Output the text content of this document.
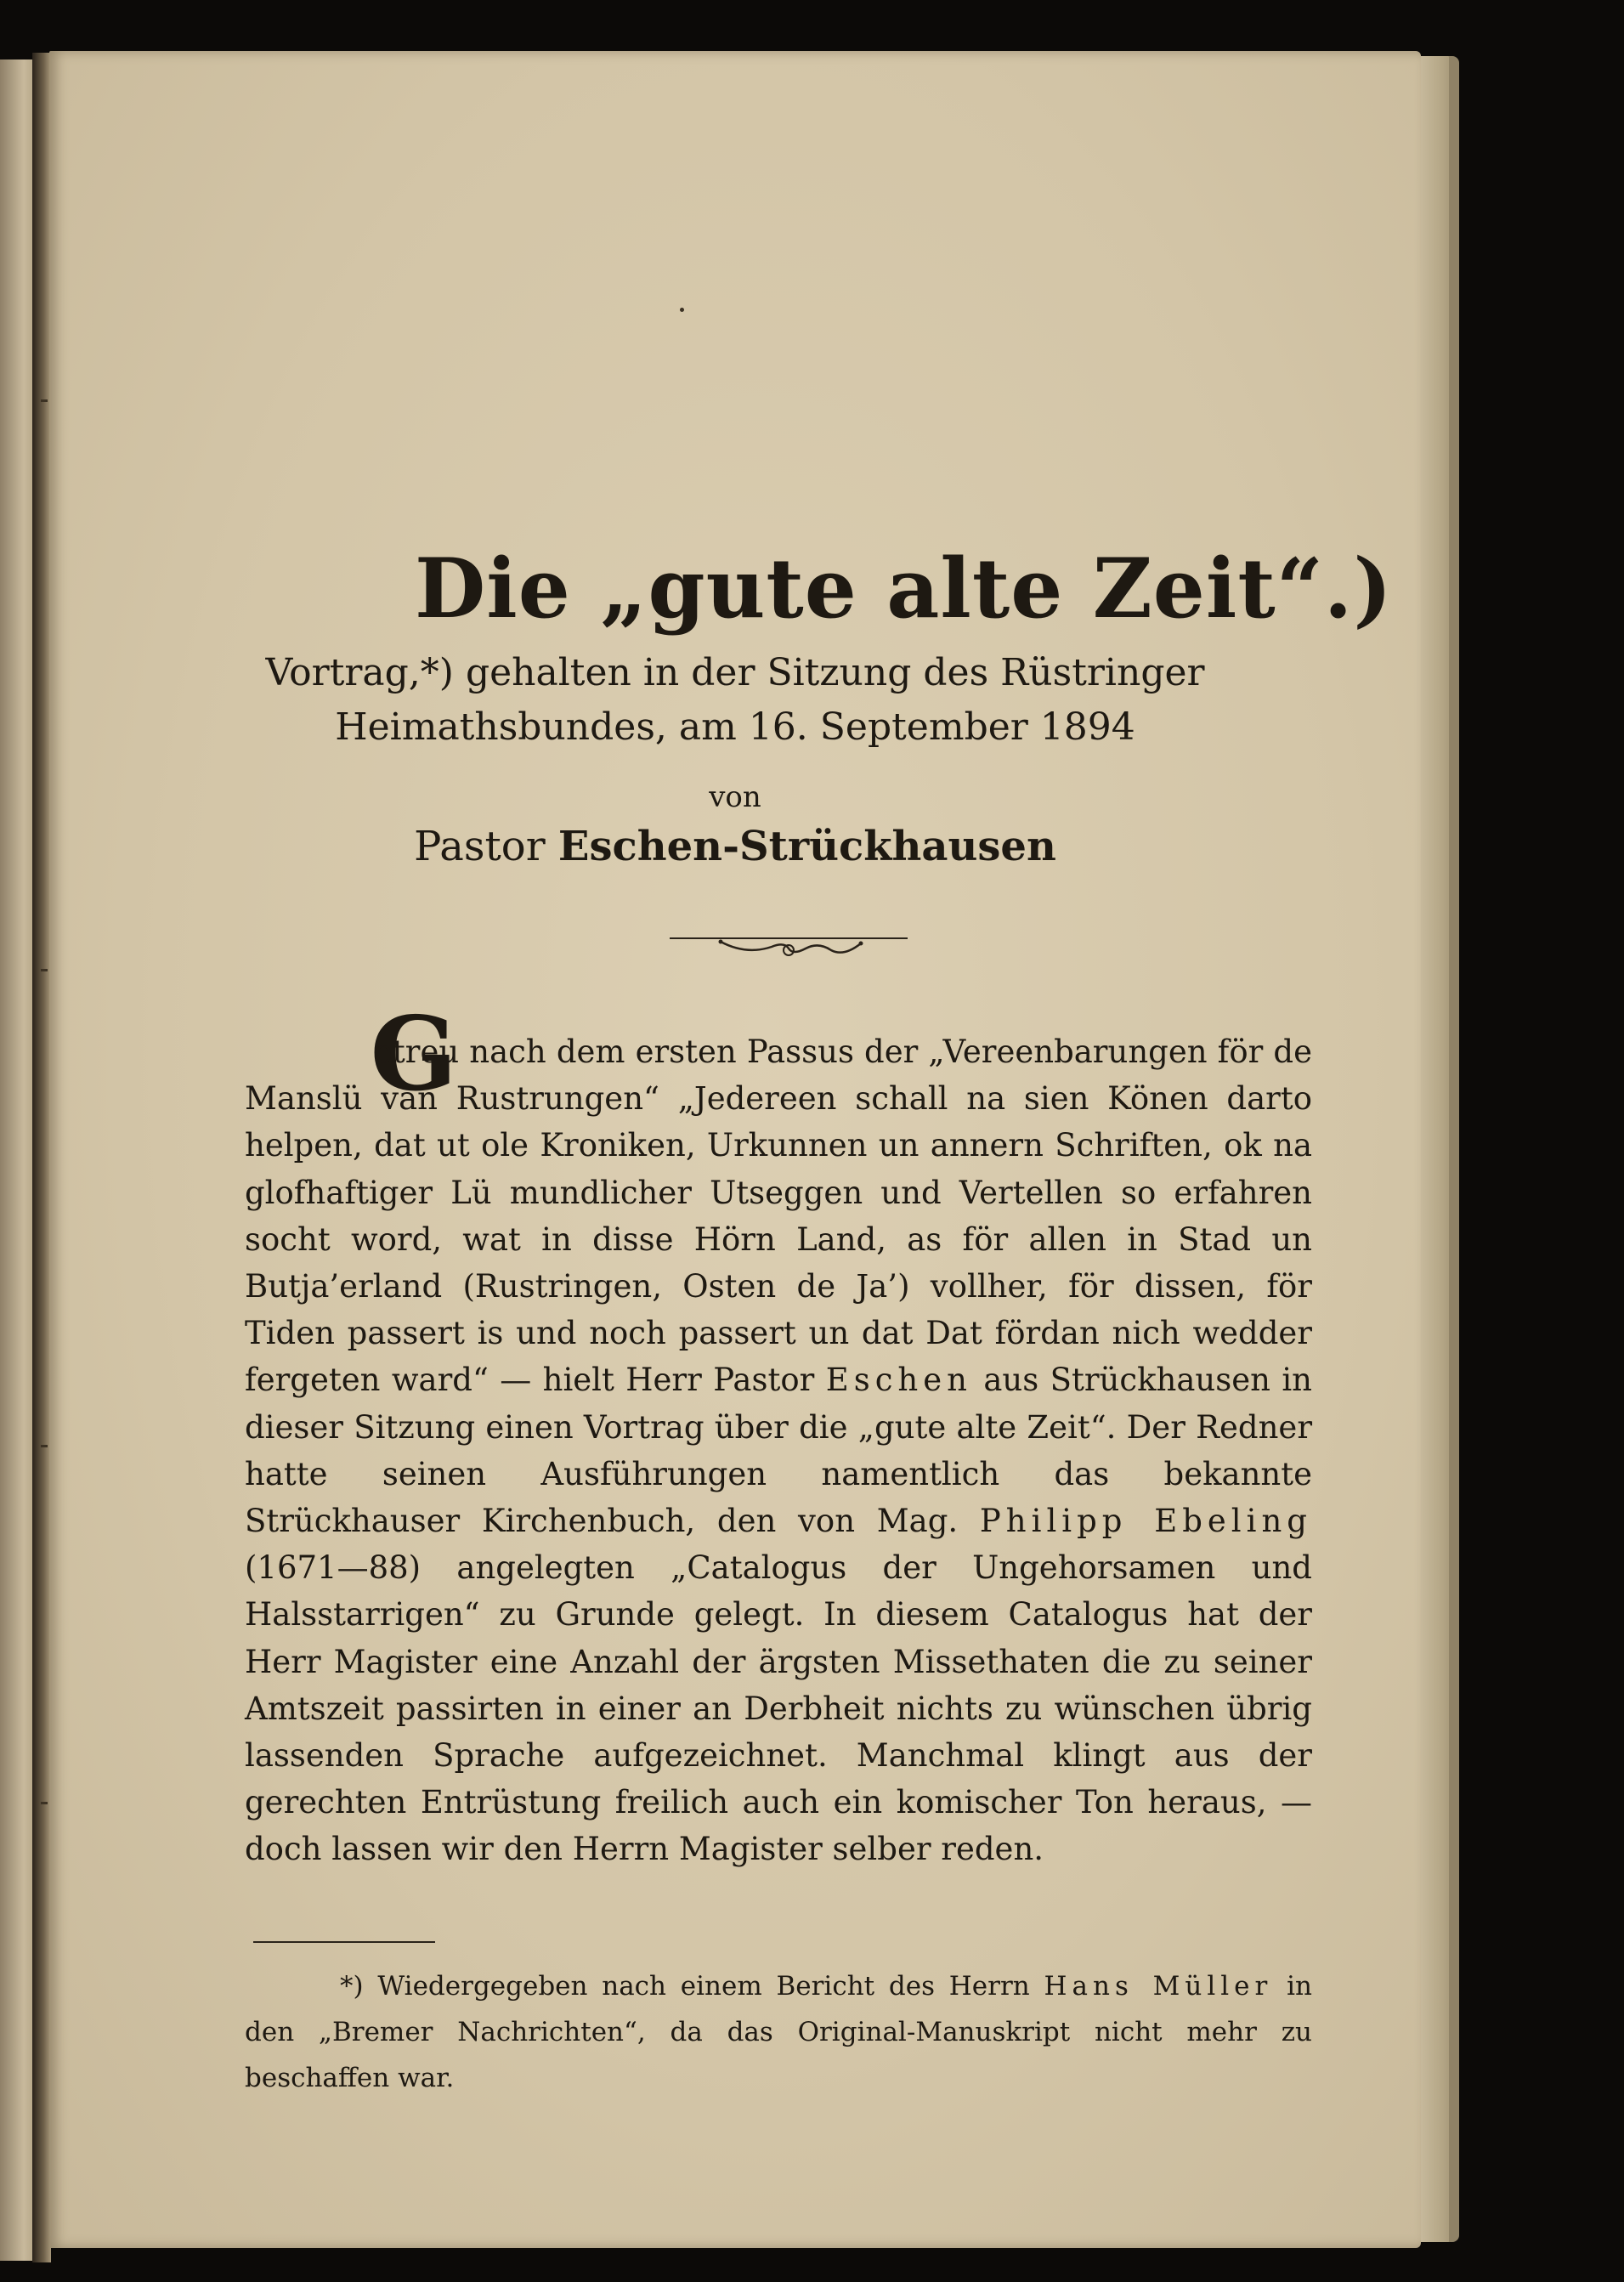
Die „gute alte Zeit“.)
Vortrag,*) gehalten in der Sitzung des Rüstringer
Heimathsbundes, am 16. September 1894
von
Pastor Eschen-Strückhausen
G
etreu nach dem ersten Passus der „Vereenbarungen för de Manslü van Rustrungen“ „Jedereen schall na sien Könen darto helpen, dat ut ole Kroniken, Urkunnen un annern Schriften, ok na glofhaftiger Lü mundlicher Utseggen und Vertellen so erfahren socht word, wat in disse Hörn Land, as för allen in Stad un Butja’erland (Rustringen, Osten de Ja’) vollher, för dissen, för Tiden passert is und noch passert un dat Dat fördan nich wedder fergeten ward“ — hielt Herr Pastor Eschen aus Strückhausen in dieser Sitzung einen Vortrag über die „gute alte Zeit“. Der Redner hatte seinen Ausführungen namentlich das bekannte Strückhauser Kirchenbuch, den von Mag. Philipp Ebeling (1671—88) angelegten „Catalogus der Ungehorsamen und Halsstarrigen“ zu Grunde gelegt. In diesem Catalogus hat der Herr Magister eine Anzahl der ärgsten Missethaten die zu seiner Amtszeit passirten in einer an Derbheit nichts zu wünschen übrig lassenden Sprache aufgezeichnet. Manchmal klingt aus der gerechten Entrüstung freilich auch ein komischer Ton heraus, — doch lassen wir den Herrn Magister selber reden.
*) Wiedergegeben nach einem Bericht des Herrn Hans Müller in den „Bremer Nachrichten“, da das Original-Manuskript nicht mehr zu beschaffen war.
